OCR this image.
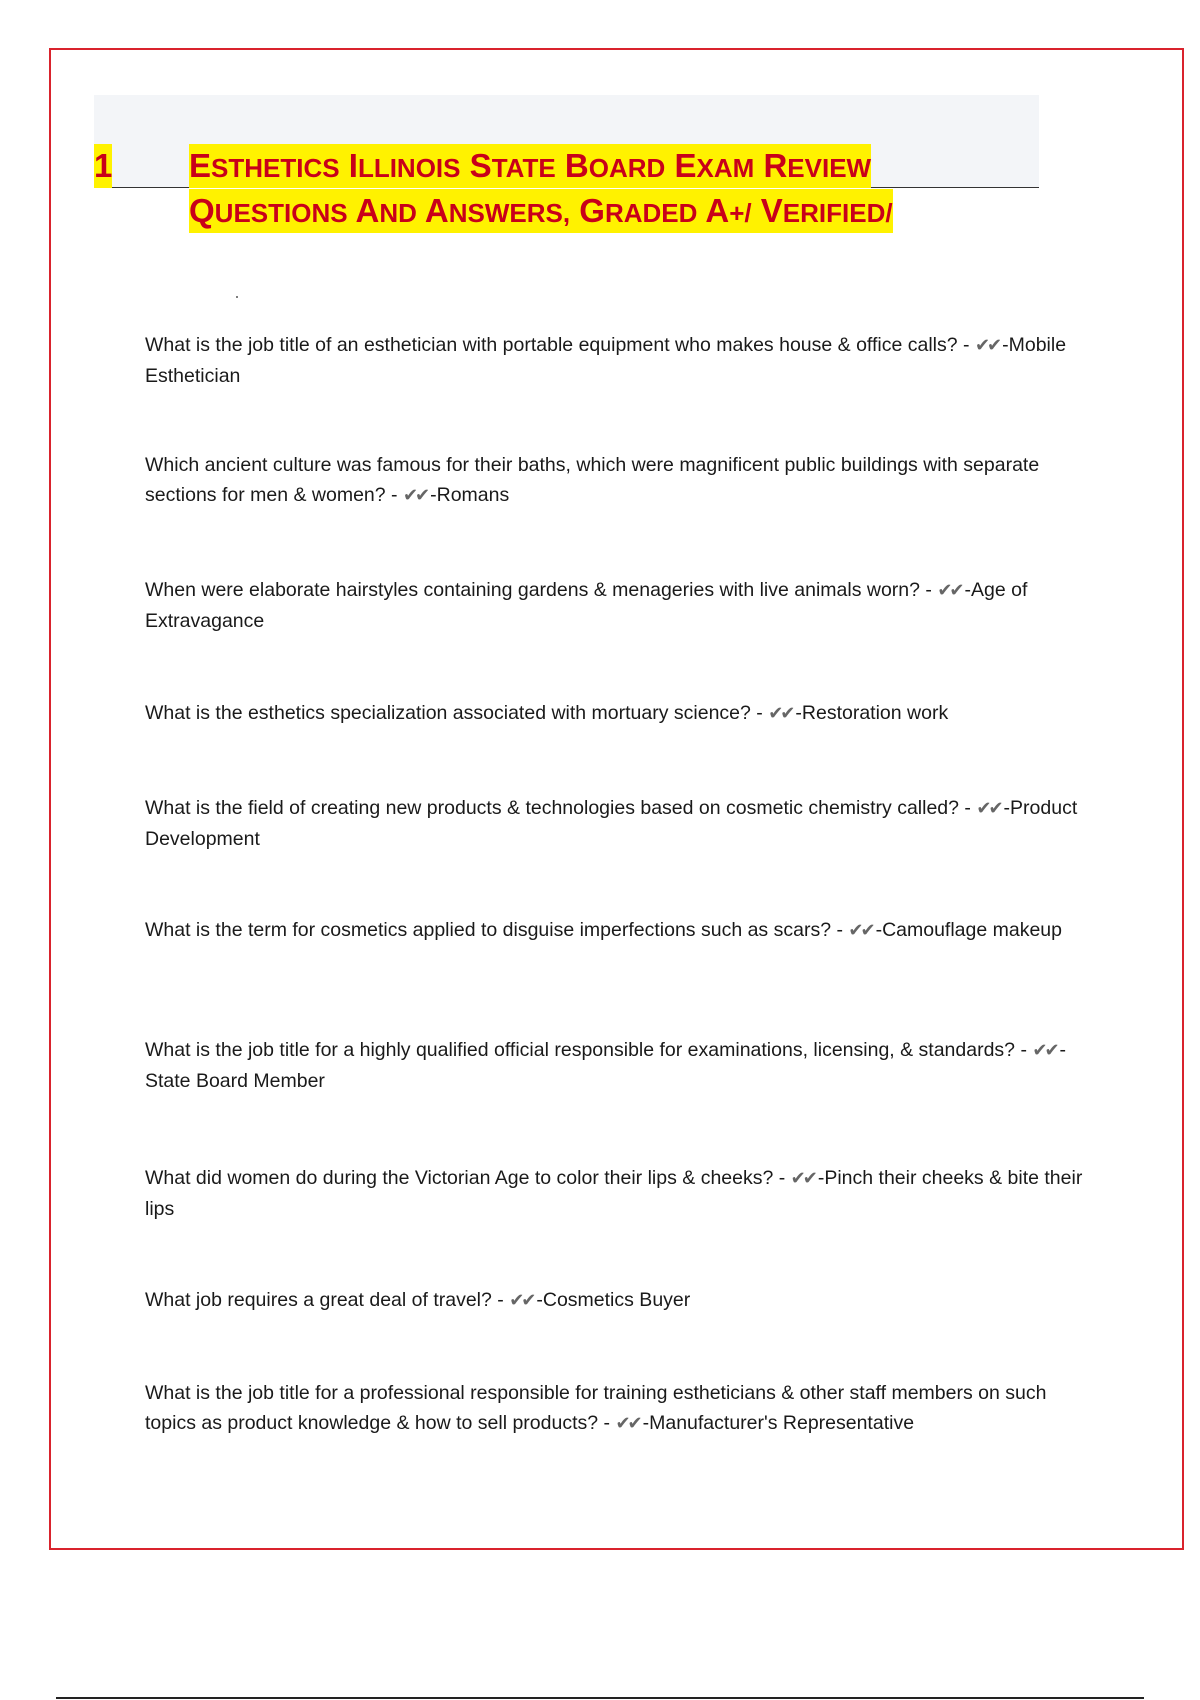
1 ESTHETICS ILLINOIS STATE BOARD EXAM REVIEW
QUESTIONS AND ANSWERS, GRADED A+/ VERIFIED/
What is the job title of an esthetician with portable equipment who makes house & office calls? - ✔✔ -Mobile Esthetician
Which ancient culture was famous for their baths, which were magnificent public buildings with separate sections for men & women? - ✔✔ -Romans
When were elaborate hairstyles containing gardens & menageries with live animals worn? - ✔✔ -Age of Extravagance
What is the esthetics specialization associated with mortuary science? - ✔✔ -Restoration work
What is the field of creating new products & technologies based on cosmetic chemistry called? - ✔✔ -Product Development
What is the term for cosmetics applied to disguise imperfections such as scars? - ✔✔ -Camouflage makeup
What is the job title for a highly qualified official responsible for examinations, licensing, & standards? - ✔✔ -State Board Member
What did women do during the Victorian Age to color their lips & cheeks? - ✔✔ -Pinch their cheeks & bite their lips
What job requires a great deal of travel? - ✔✔ -Cosmetics Buyer
What is the job title for a professional responsible for training estheticians & other staff members on such topics as product knowledge & how to sell products? - ✔✔ -Manufacturer's Representative
